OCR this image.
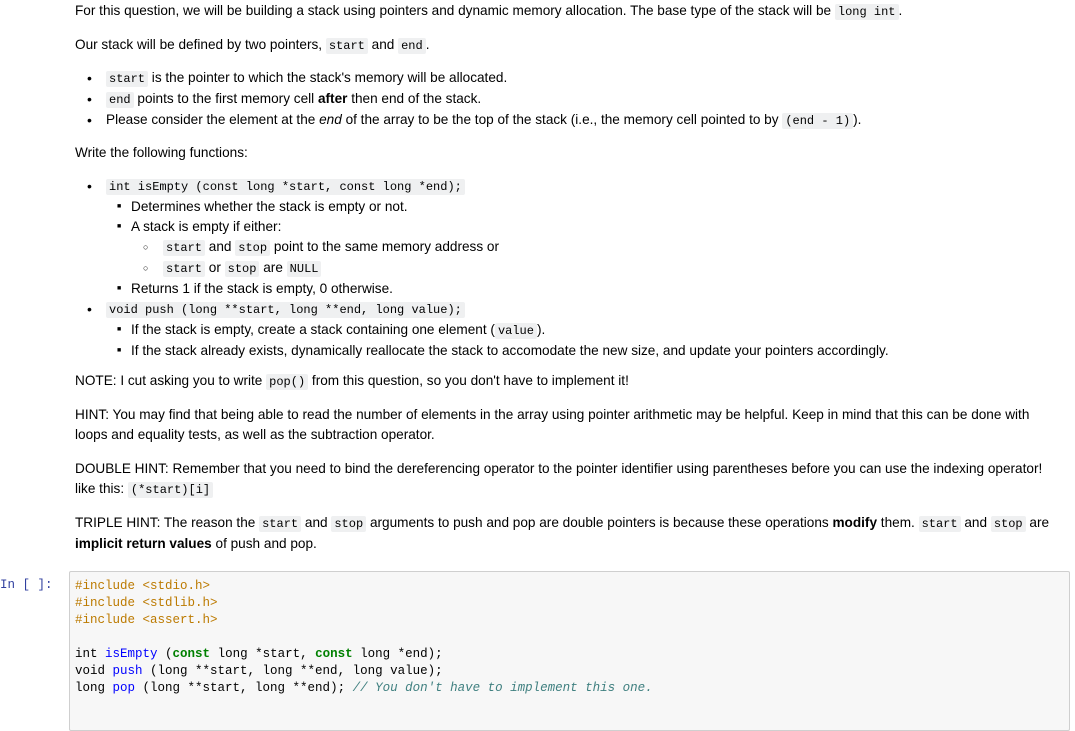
For this question, we will be building a stack using pointers and dynamic memory allocation. The base type of the stack will be long int .

Our stack will be defined by two pointers, start and end .

• start is the pointer to which the stack's memory will be allocated.
• end points to the first memory cell after then end of the stack.
• Please consider the element at the end of the array to be the top of the stack (i.e., the memory cell pointed to by (end - 1) ).

Write the following functions:

• int isEmpty (const long *start, const long *end);
■ Determines whether the stack is empty or not.
■ A stack is empty if either:
○ start and stop point to the same memory address or
○ start or stop are NULL
■ Returns 1 if the stack is empty, 0 otherwise.
• void push (long **start, long **end, long value);
■ If the stack is empty, create a stack containing one element ( value ).
■ If the stack already exists, dynamically reallocate the stack to accomodate the new size, and update your pointers accordingly.

NOTE: I cut asking you to write pop() from this question, so you don't have to implement it!

HINT: You may find that being able to read the number of elements in the array using pointer arithmetic may be helpful. Keep in mind that this can be done with loops and equality tests, as well as the subtraction operator.

DOUBLE HINT: Remember that you need to bind the dereferencing operator to the pointer identifier using parentheses before you can use the indexing operator! like this: (*start)[i]

TRIPLE HINT: The reason the start and stop arguments to push and pop are double pointers is because these operations modify them. start and stop are implicit return values of push and pop.

In [ ]:	#include <stdio.h>
#include <stdlib.h>
#include <assert.h>

int isEmpty (const long *start, const long *end);
void push (long **start, long **end, long value);
long pop (long **start, long **end); // You don't have to implement this one.
